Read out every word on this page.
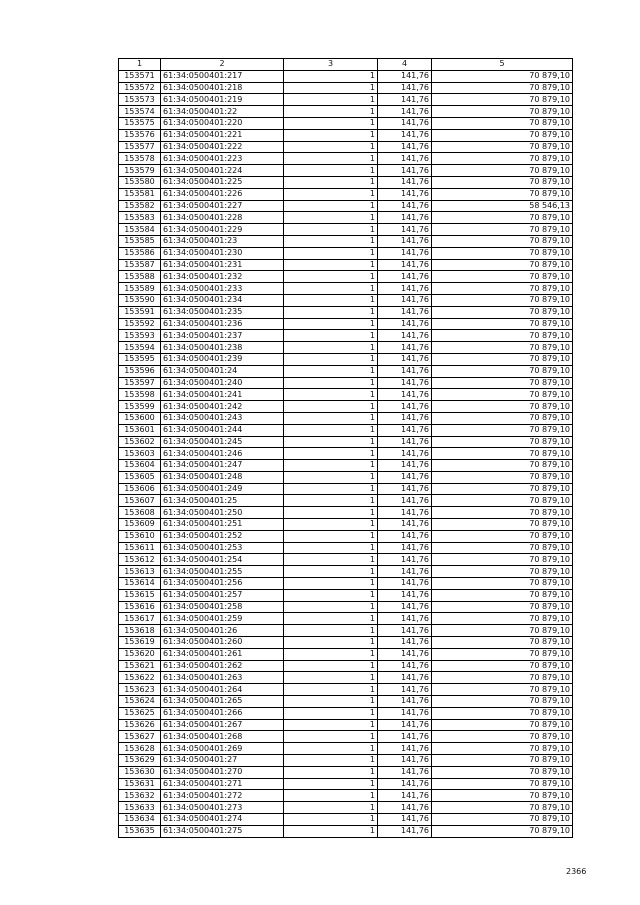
1	2	3	4	5
153571	61:34:0500401:217	1	141,76	70 879,10
153572	61:34:0500401:218	1	141,76	70 879,10
153573	61:34:0500401:219	1	141,76	70 879,10
153574	61:34:0500401:22	1	141,76	70 879,10
153575	61:34:0500401:220	1	141,76	70 879,10
153576	61:34:0500401:221	1	141,76	70 879,10
153577	61:34:0500401:222	1	141,76	70 879,10
153578	61:34:0500401:223	1	141,76	70 879,10
153579	61:34:0500401:224	1	141,76	70 879,10
153580	61:34:0500401:225	1	141,76	70 879,10
153581	61:34:0500401:226	1	141,76	70 879,10
153582	61:34:0500401:227	1	141,76	58 546,13
153583	61:34:0500401:228	1	141,76	70 879,10
153584	61:34:0500401:229	1	141,76	70 879,10
153585	61:34:0500401:23	1	141,76	70 879,10
153586	61:34:0500401:230	1	141,76	70 879,10
153587	61:34:0500401:231	1	141,76	70 879,10
153588	61:34:0500401:232	1	141,76	70 879,10
153589	61:34:0500401:233	1	141,76	70 879,10
153590	61:34:0500401:234	1	141,76	70 879,10
153591	61:34:0500401:235	1	141,76	70 879,10
153592	61:34:0500401:236	1	141,76	70 879,10
153593	61:34:0500401:237	1	141,76	70 879,10
153594	61:34:0500401:238	1	141,76	70 879,10
153595	61:34:0500401:239	1	141,76	70 879,10
153596	61:34:0500401:24	1	141,76	70 879,10
153597	61:34:0500401:240	1	141,76	70 879,10
153598	61:34:0500401:241	1	141,76	70 879,10
153599	61:34:0500401:242	1	141,76	70 879,10
153600	61:34:0500401:243	1	141,76	70 879,10
153601	61:34:0500401:244	1	141,76	70 879,10
153602	61:34:0500401:245	1	141,76	70 879,10
153603	61:34:0500401:246	1	141,76	70 879,10
153604	61:34:0500401:247	1	141,76	70 879,10
153605	61:34:0500401:248	1	141,76	70 879,10
153606	61:34:0500401:249	1	141,76	70 879,10
153607	61:34:0500401:25	1	141,76	70 879,10
153608	61:34:0500401:250	1	141,76	70 879,10
153609	61:34:0500401:251	1	141,76	70 879,10
153610	61:34:0500401:252	1	141,76	70 879,10
153611	61:34:0500401:253	1	141,76	70 879,10
153612	61:34:0500401:254	1	141,76	70 879,10
153613	61:34:0500401:255	1	141,76	70 879,10
153614	61:34:0500401:256	1	141,76	70 879,10
153615	61:34:0500401:257	1	141,76	70 879,10
153616	61:34:0500401:258	1	141,76	70 879,10
153617	61:34:0500401:259	1	141,76	70 879,10
153618	61:34:0500401:26	1	141,76	70 879,10
153619	61:34:0500401:260	1	141,76	70 879,10
153620	61:34:0500401:261	1	141,76	70 879,10
153621	61:34:0500401:262	1	141,76	70 879,10
153622	61:34:0500401:263	1	141,76	70 879,10
153623	61:34:0500401:264	1	141,76	70 879,10
153624	61:34:0500401:265	1	141,76	70 879,10
153625	61:34:0500401:266	1	141,76	70 879,10
153626	61:34:0500401:267	1	141,76	70 879,10
153627	61:34:0500401:268	1	141,76	70 879,10
153628	61:34:0500401:269	1	141,76	70 879,10
153629	61:34:0500401:27	1	141,76	70 879,10
153630	61:34:0500401:270	1	141,76	70 879,10
153631	61:34:0500401:271	1	141,76	70 879,10
153632	61:34:0500401:272	1	141,76	70 879,10
153633	61:34:0500401:273	1	141,76	70 879,10
153634	61:34:0500401:274	1	141,76	70 879,10
153635	61:34:0500401:275	1	141,76	70 879,10
2366
